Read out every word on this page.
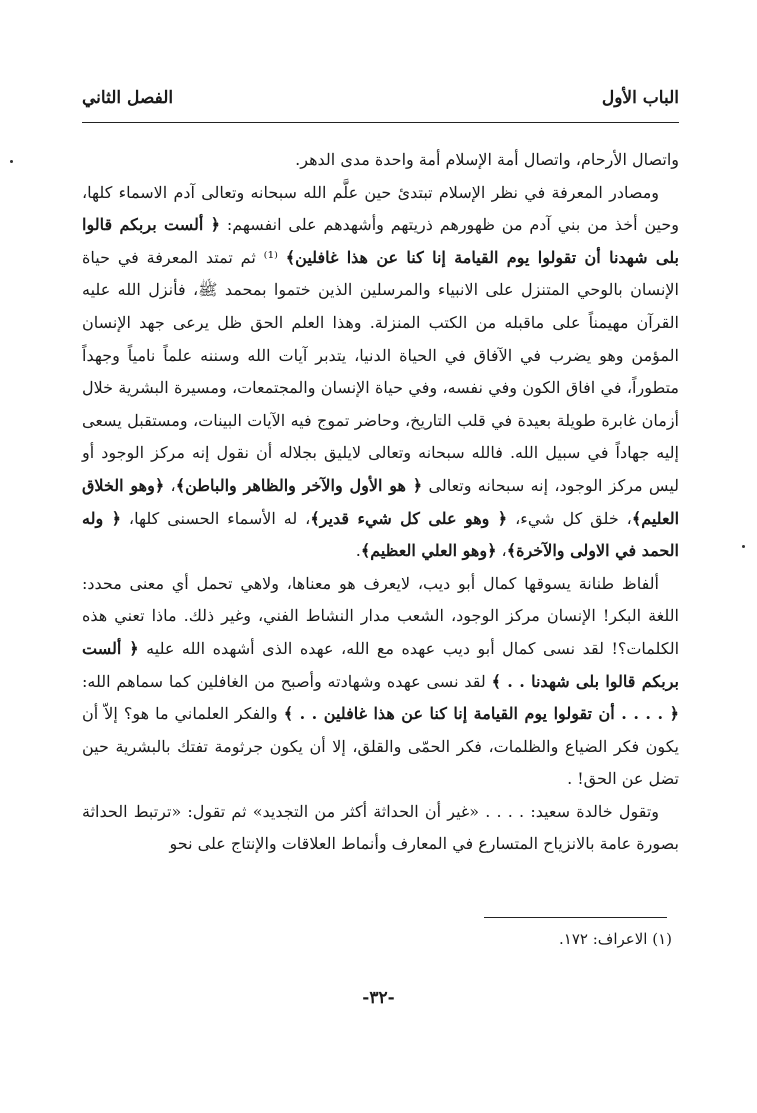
الباب الأول
الفصل الثاني

واتصال الأرحام، واتصال أمة الإسلام أمة واحدة مدى الدهر.

ومصادر المعرفة في نظر الإسلام تبتدئ حين علَّم الله سبحانه وتعالى آدم الاسماء كلها، وحين أخذ من بني آدم من ظهورهم ذريتهم وأشهدهم على انفسهم: ﴿ ألست بربكم قالوا بلى شهدنا أن تقولوا يوم القيامة إنا كنا عن هذا غافلين﴾ ⁽¹⁾ ثم تمتد المعرفة في حياة الإنسان بالوحي المتنزل على الانبياء والمرسلين الذين ختموا بمحمد ﷺ، فأنزل الله عليه القرآن مهيمناً على ماقبله من الكتب المنزلة. وهذا العلم الحق ظل يرعى جهد الإنسان المؤمن وهو يضرب في الآفاق في الحياة الدنيا، يتدبر آيات الله وسننه علماً نامياً وجهداً متطوراً، في افاق الكون وفي نفسه، وفي حياة الإنسان والمجتمعات، ومسيرة البشرية خلال أزمان غابرة طويلة بعيدة في قلب التاريخ، وحاضر تموج فيه الآيات البينات، ومستقبل يسعى إليه جهاداً في سبيل الله. فالله سبحانه وتعالى لايليق بجلاله أن نقول إنه مركز الوجود أو ليس مركز الوجود، إنه سبحانه وتعالى ﴿ هو الأول والآخر والظاهر والباطن﴾، ﴿وهو الخلاق العليم﴾، خلق كل شيء، ﴿ وهو على كل شيء قدير﴾، له الأسماء الحسنى كلها، ﴿ وله الحمد في الاولى والآخرة﴾، ﴿وهو العلي العظيم﴾.

ألفاظ طنانة يسوقها كمال أبو ديب، لايعرف هو معناها، ولاهي تحمل أي معنى محدد: اللغة البكر! الإنسان مركز الوجود، الشعب مدار النشاط الفني، وغير ذلك. ماذا تعني هذه الكلمات؟! لقد نسى كمال أبو ديب عهده مع الله، عهده الذى أشهده الله عليه ﴿ ألست بربكم قالوا بلى شهدنا . . ﴾ لقد نسى عهده وشهادته وأصبح من الغافلين كما سماهم الله: ﴿ . . . . أن تقولوا يوم القيامة إنا كنا عن هذا غافلين . . ﴾ والفكر العلماني ما هو؟ إلاّ أن يكون فكر الضياع والظلمات، فكر الحمّى والقلق، إلا أن يكون جرثومة تفتك بالبشرية حين تضل عن الحق! .

وتقول خالدة سعيد: . . . . «غير أن الحداثة أكثر من التجديد» ثم تقول: «ترتبط الحداثة بصورة عامة بالانزياح المتسارع في المعارف وأنماط العلاقات والإنتاج على نحو

(١) الاعراف: ١٧٢.
-٣٢-
